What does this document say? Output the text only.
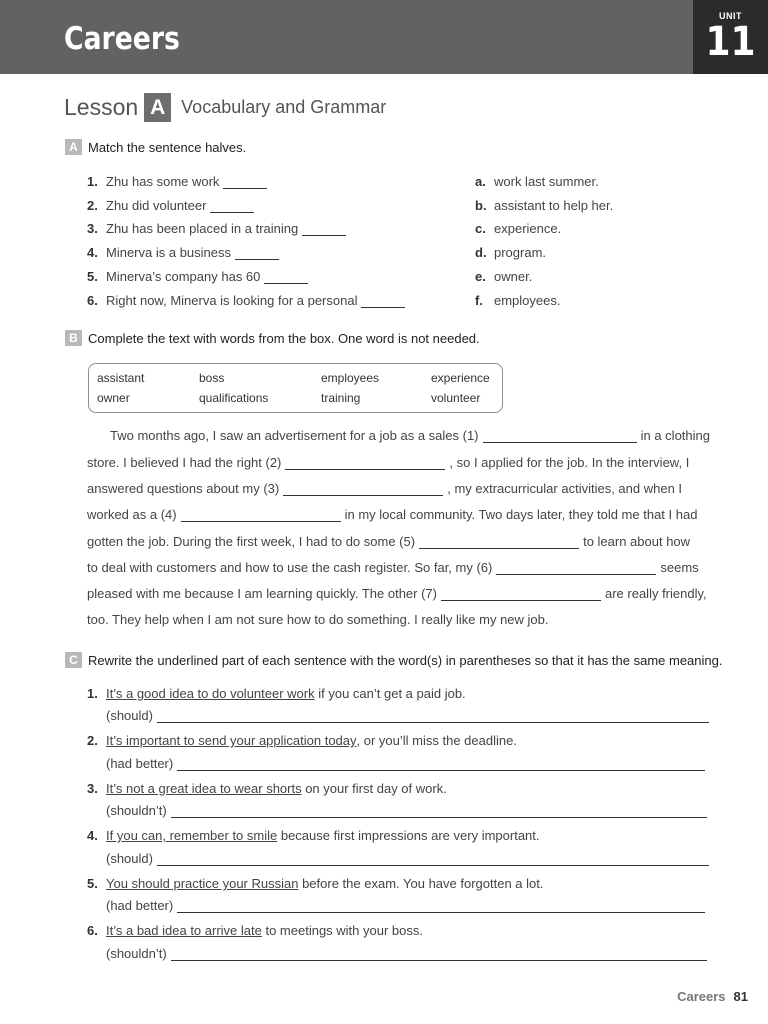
Careers
UNIT
11
Lesson A Vocabulary and Grammar
A Match the sentence halves.
1. Zhu has some work
2. Zhu did volunteer
3. Zhu has been placed in a training
4. Minerva is a business
5. Minerva’s company has 60
6. Right now, Minerva is looking for a personal
a. work last summer.
b. assistant to help her.
c. experience.
d. program.
e. owner.
f. employees.
B Complete the text with words from the box. One word is not needed.
assistant	boss	employees	experience
owner	qualifications	training	volunteer
Two months ago, I saw an advertisement for a job as a sales (1)	in a clothing
store. I believed I had the right (2)	, so I applied for the job. In the interview, I
answered questions about my (3)	, my extracurricular activities, and when I
worked as a (4)	in my local community. Two days later, they told me that I had
gotten the job. During the first week, I had to do some (5)	to learn about how
to deal with customers and how to use the cash register. So far, my (6)	seems
pleased with me because I am learning quickly. The other (7)	are really friendly,
too. They help when I am not sure how to do something. I really like my new job.
C Rewrite the underlined part of each sentence with the word(s) in parentheses so that it has the same meaning.
1. It’s a good idea to do volunteer work if you can’t get a paid job.
(should)
2. It’s important to send your application today , or you’ll miss the deadline.
(had better)
3. It’s not a great idea to wear shorts on your first day of work.
(shouldn’t)
4. If you can, remember to smile because first impressions are very important.
(should)
5. You should practice your Russian before the exam. You have forgotten a lot.
(had better)
6. It’s a bad idea to arrive late to meetings with your boss.
(shouldn’t)
Careers 81
